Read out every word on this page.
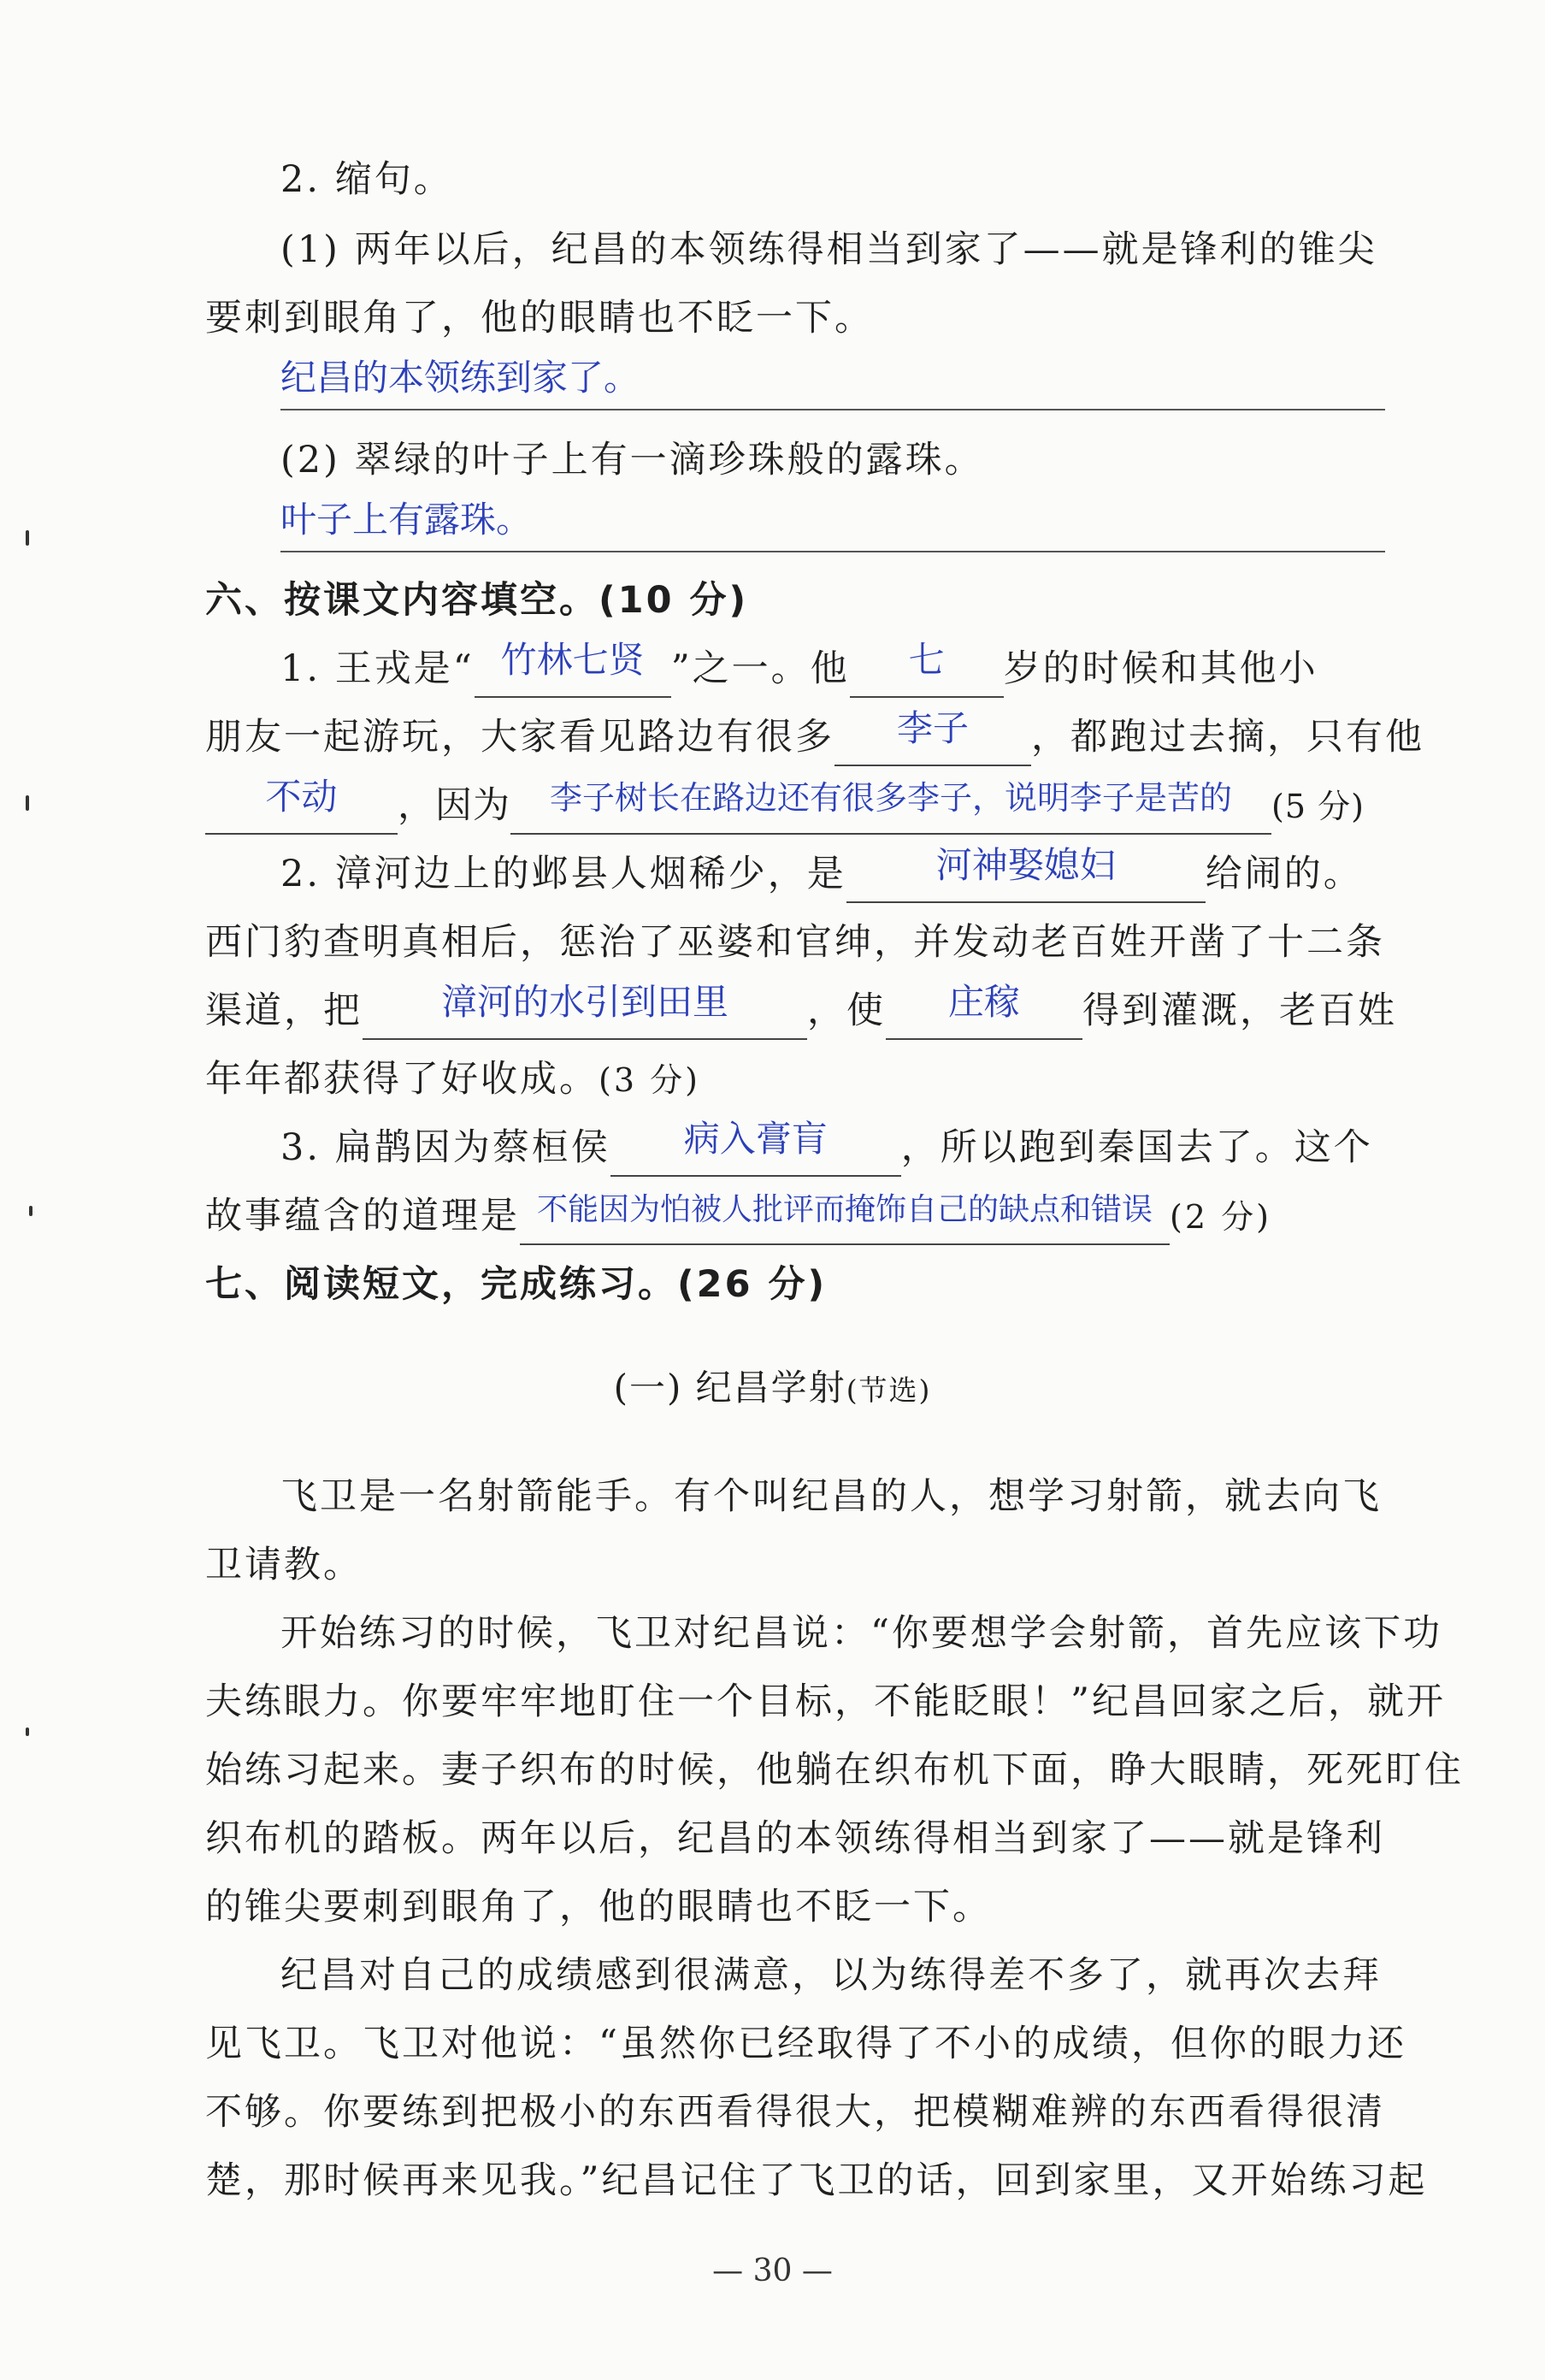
2. 缩句。
(1) 两年以后，纪昌的本领练得相当到家了——就是锋利的锥尖
要刺到眼角了，他的眼睛也不眨一下。
纪昌的本领练到家了。
(2) 翠绿的叶子上有一滴珍珠般的露珠。
叶子上有露珠。
六、按课文内容填空。(10 分)
1. 王戎是“ 竹林七贤 ”之一。他 七 岁的时候和其他小
朋友一起游玩，大家看见路边有很多 李子 ，都跑过去摘，只有他
不动 ，因为 李子树长在路边还有很多李子，说明李子是苦的 (5 分)
2. 漳河边上的邺县人烟稀少，是 河神娶媳妇 给闹的。
西门豹查明真相后，惩治了巫婆和官绅，并发动老百姓开凿了十二条
渠道，把 漳河的水引到田里 ，使 庄稼 得到灌溉，老百姓
年年都获得了好收成。(3 分)
3. 扁鹊因为蔡桓侯 病入膏肓 ，所以跑到秦国去了。这个
故事蕴含的道理是 $^{不能因为怕被人批评而掩饰自己的缺点和错误}$ (2 分)
七、阅读短文，完成练习。(26 分)
(一) 纪昌学射(节选)
飞卫是一名射箭能手。有个叫纪昌的人，想学习射箭，就去向飞
卫请教。
开始练习的时候，飞卫对纪昌说：“你要想学会射箭，首先应该下功
夫练眼力。你要牢牢地盯住一个目标，不能眨眼！”纪昌回家之后，就开
始练习起来。妻子织布的时候，他躺在织布机下面，睁大眼睛，死死盯住
织布机的踏板。两年以后，纪昌的本领练得相当到家了——就是锋利
的锥尖要刺到眼角了，他的眼睛也不眨一下。
纪昌对自己的成绩感到很满意，以为练得差不多了，就再次去拜
见飞卫。飞卫对他说：“虽然你已经取得了不小的成绩，但你的眼力还
不够。你要练到把极小的东西看得很大，把模糊难辨的东西看得很清
楚，那时候再来见我。”纪昌记住了飞卫的话，回到家里，又开始练习起
— 30 —
